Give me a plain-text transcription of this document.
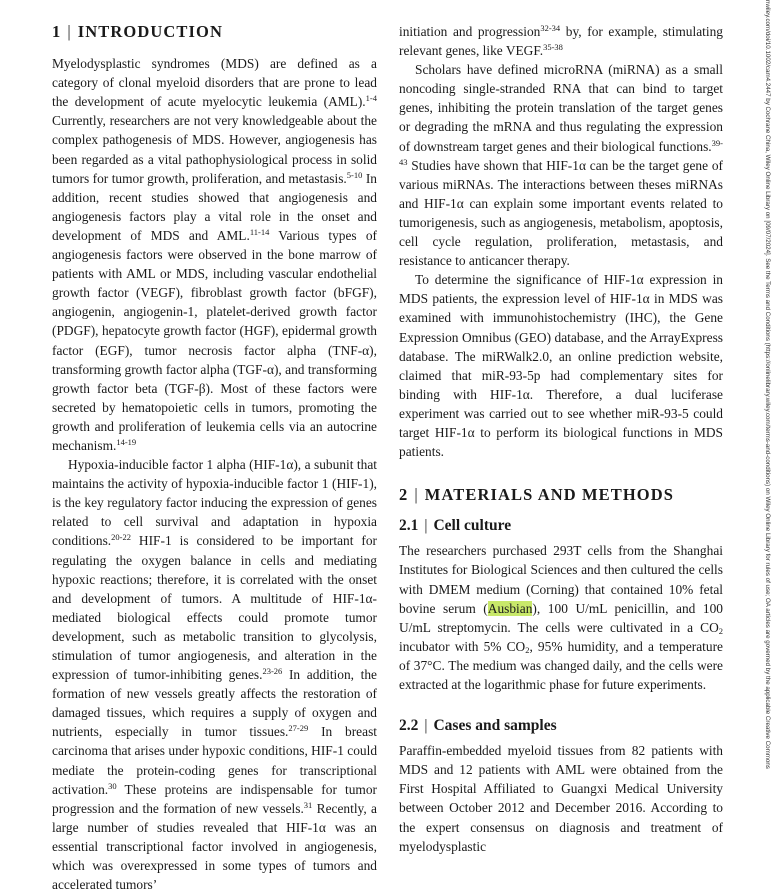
1 | INTRODUCTION

Myelodysplastic syndromes (MDS) are defined as a category of clonal myeloid disorders that are prone to lead the development of acute myelocytic leukemia (AML).$^{1-4}$ Currently, researchers are not very knowledgeable about the complex pathogenesis of MDS. However, angiogenesis has been regarded as a vital pathophysiological process in solid tumors for tumor growth, proliferation, and metastasis.$^{5-10}$ In addition, recent studies showed that angiogenesis and angiogenesis factors play a vital role in the onset and development of MDS and AML.$^{11-14}$ Various types of angiogenesis factors were observed in the bone marrow of patients with AML or MDS, including vascular endothelial growth factor (VEGF), fibroblast growth factor (bFGF), angiogenin, angiogenin-1, platelet-derived growth factor (PDGF), hepatocyte growth factor (HGF), epidermal growth factor (EGF), tumor necrosis factor alpha (TNF-α), transforming growth factor alpha (TGF-α), and transforming growth factor beta (TGF-β). Most of these factors were secreted by hematopoietic cells in tumors, promoting the growth and proliferation of leukemia cells via an autocrine mechanism.$^{14-19}$

Hypoxia-inducible factor 1 alpha (HIF-1α), a subunit that maintains the activity of hypoxia-inducible factor 1 (HIF-1), is the key regulatory factor inducing the expression of genes related to cell survival and adaptation in hypoxia conditions.$^{20-22}$ HIF-1 is considered to be important for regulating the oxygen balance in cells and mediating hypoxic reactions; therefore, it is correlated with the onset and development of tumors. A multitude of HIF-1α-mediated biological effects could promote tumor development, such as metabolic transition to glycolysis, stimulation of tumor angiogenesis, and alteration in the expression of tumor-inhibiting genes.$^{23-26}$ In addition, the formation of new vessels greatly affects the restoration of damaged tissues, which requires a supply of oxygen and nutrients, especially in tumor tissues.$^{27-29}$ In breast carcinoma that arises under hypoxic conditions, HIF-1 could mediate the protein-coding genes for transcriptional activation.$^{30}$ These proteins are indispensable for tumor progression and the formation of new vessels.$^{31}$ Recently, a large number of studies revealed that HIF-1α was an essential transcriptional factor involved in angiogenesis, which was overexpressed in some types of tumors and accelerated tumors’

initiation and progression$^{32-34}$ by, for example, stimulating relevant genes, like VEGF.$^{35-38}$

Scholars have defined microRNA (miRNA) as a small noncoding single-stranded RNA that can bind to target genes, inhibiting the protein translation of the target genes or degrading the mRNA and thus regulating the expression of downstream target genes and their biological functions.$^{39-43}$ Studies have shown that HIF-1α can be the target gene of various miRNAs. The interactions between theses miRNAs and HIF-1α can explain some important events related to tumorigenesis, such as angiogenesis, metabolism, apoptosis, cell cycle regulation, proliferation, metastasis, and resistance to anticancer therapy.

To determine the significance of HIF-1α expression in MDS patients, the expression level of HIF-1α in MDS was examined with immunohistochemistry (IHC), the Gene Expression Omnibus (GEO) database, and the ArrayExpress database. The miRWalk2.0, an online prediction website, claimed that miR-93-5p had complementary sites for binding with HIF-1α. Therefore, a dual luciferase experiment was carried out to see whether miR-93-5 could target HIF-1α to perform its biological functions in MDS patients.

2 | MATERIALS AND METHODS
2.1 | Cell culture

The researchers purchased 293T cells from the Shanghai Institutes for Biological Sciences and then cultured the cells with DMEM medium (Corning) that contained 10% fetal bovine serum (Ausbian), 100 U/mL penicillin, and 100 U/mL streptomycin. The cells were cultivated in a $CO_2$ incubator with 5% $CO_2$, 95% humidity, and a temperature of 37°C. The medium was changed daily, and the cells were extracted at the logarithmic phase for future experiments.

2.2 | Cases and samples

Paraffin-embedded myeloid tissues from 82 patients with MDS and 12 patients with AML were obtained from the First Hospital Affiliated to Guangxi Medical University between October 2012 and December 2016. According to the expert consensus on diagnosis and treatment of myelodysplastic

nwiley.com/doi/10.1002/cam4.2447 by Cochrane China, Wiley Online Library on [09/07/2024]. See the Terms and Conditions (https://onlinelibrary.wiley.com/terms-and-conditions) on Wiley Online Library for rules of use; OA articles are governed by the applicable Creative Commons
